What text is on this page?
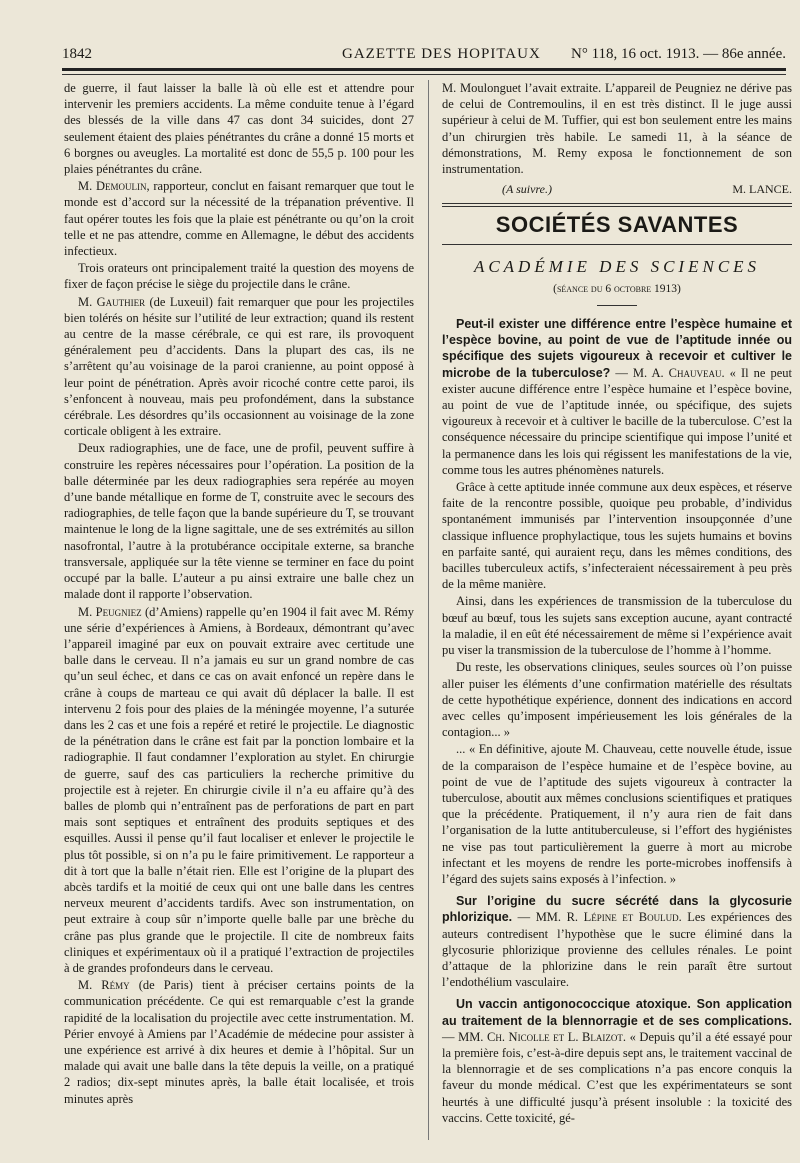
1842	GAZETTE DES HOPITAUX N° 118, 16 oct. 1913. — 86e année.

de guerre, il faut laisser la balle là où elle est et attendre pour intervenir les premiers accidents. La même conduite tenue à l’égard des blessés de la ville dans 47 cas dont 34 suicides, dont 27 seulement étaient des plaies pénétrantes du crâne a donné 15 morts et 6 borgnes ou aveugles. La mortalité est donc de 55,5 p. 100 pour les plaies pénétrantes du crâne.

M. Demoulin, rapporteur, conclut en faisant remarquer que tout le monde est d’accord sur la nécessité de la trépanation préventive. Il faut opérer toutes les fois que la plaie est pénétrante ou qu’on la croit telle et ne pas attendre, comme en Allemagne, le début des accidents infectieux.

Trois orateurs ont principalement traité la question des moyens de fixer de façon précise le siège du projectile dans le crâne.

M. Gauthier (de Luxeuil) fait remarquer que pour les projectiles bien tolérés on hésite sur l’utilité de leur extraction; quand ils restent au centre de la masse cérébrale, ce qui est rare, ils provoquent généralement peu d’accidents. Dans la plupart des cas, ils ne s’arrêtent qu’au voisinage de la paroi cranienne, au point opposé à leur point de pénétration. Après avoir ricoché contre cette paroi, ils s’enfoncent à nouveau, mais peu profondément, dans la substance cérébrale. Les désordres qu’ils occasionnent au voisinage de la zone corticale obligent à les extraire.

Deux radiographies, une de face, une de profil, peuvent suffire à construire les repères nécessaires pour l’opération. La position de la balle déterminée par les deux radiographies sera repérée au moyen d’une bande métallique en forme de T, construite avec le secours des radiographies, de telle façon que la bande supérieure du T, se trouvant maintenue le long de la ligne sagittale, une de ses extrémités au sillon nasofrontal, l’autre à la protubérance occipitale externe, sa branche transversale, appliquée sur la tête vienne se terminer en face du point occupé par la balle. L’auteur a pu ainsi extraire une balle chez un malade dont il rapporte l’observation.

M. Peugniez (d’Amiens) rappelle qu’en 1904 il fait avec M. Rémy une série d’expériences à Amiens, à Bordeaux, démontrant qu’avec l’appareil imaginé par eux on pouvait extraire avec certitude une balle dans le cerveau. Il n’a jamais eu sur un grand nombre de cas qu’un seul échec, et dans ce cas on avait enfoncé un repère dans le crâne à coups de marteau ce qui avait dû déplacer la balle. Il est intervenu 2 fois pour des plaies de la méningée moyenne, l’a suturée dans les 2 cas et une fois a repéré et retiré le projectile. Le diagnostic de la pénétration dans le crâne est fait par la ponction lombaire et la radiographie. Il faut condamner l’exploration au stylet. En chirurgie de guerre, sauf des cas particuliers la recherche primitive du projectile est à rejeter. En chirurgie civile il n’a eu affaire qu’à des balles de plomb qui n’entraînent pas de perforations de part en part mais sont septiques et entraînent des produits septiques et des esquilles. Aussi il pense qu’il faut localiser et enlever le projectile le plus tôt possible, si on n’a pu le faire primitivement. Le rapporteur a dit à tort que la balle n’était rien. Elle est l’origine de la plupart des abcès tardifs et la moitié de ceux qui ont une balle dans les centres nerveux meurent d’accidents tardifs. Avec son instrumentation, on peut extraire à coup sûr n’importe quelle balle par une brèche du crâne pas plus grande que le projectile. Il cite de nombreux faits cliniques et expérimentaux où il a pratiqué l’extraction de projectiles à de grandes profondeurs dans le cerveau.

M. Rémy (de Paris) tient à préciser certains points de la communication précédente. Ce qui est remarquable c’est la grande rapidité de la localisation du projectile avec cette instrumentation. M. Périer envoyé à Amiens par l’Académie de médecine pour assister à une expérience est arrivé à dix heures et demie à l’hôpital. Sur un malade qui avait une balle dans la tête depuis la veille, on a pratiqué 2 radios; dix-sept minutes après, la balle était localisée, et trois minutes après

M. Moulonguet l’avait extraite. L’appareil de Peugniez ne dérive pas de celui de Contremoulins, il en est très distinct. Il le juge aussi supérieur à celui de M. Tuffier, qui est bon seulement entre les mains d’un chirurgien très habile. Le samedi 11, à la séance de démonstrations, M. Remy exposa le fonctionnement de son instrumentation.

(A suivre.)	M. LANCE.
SOCIÉTÉS SAVANTES
ACADÉMIE DES SCIENCES
(séance du 6 octobre 1913)

Peut-il exister une différence entre l’espèce humaine et l’espèce bovine, au point de vue de l’aptitude innée ou spécifique des sujets vigoureux à recevoir et cultiver le microbe de la tuberculose? — M. A. Chauveau. « Il ne peut exister aucune différence entre l’espèce humaine et l’espèce bovine, au point de vue de l’aptitude innée, ou spécifique, des sujets vigoureux à recevoir et à cultiver le bacille de la tuberculose. C’est la conséquence nécessaire du principe scientifique qui impose l’unité et la permanence dans les lois qui régissent les manifestations de la vie, comme tous les autres phénomènes naturels.

Grâce à cette aptitude innée commune aux deux espèces, et réserve faite de la rencontre possible, quoique peu probable, d’individus spontanément immunisés par l’intervention insoupçonnée d’une classique influence prophylactique, tous les sujets humains et bovins en parfaite santé, qui auraient reçu, dans les mêmes conditions, des bacilles tuberculeux actifs, s’infecteraient nécessairement à peu près de la même manière.

Ainsi, dans les expériences de transmission de la tuberculose du bœuf au bœuf, tous les sujets sans exception aucune, ayant contracté la maladie, il en eût été nécessairement de même si l’expérience avait pu viser la transmission de la tuberculose de l’homme à l’homme.

Du reste, les observations cliniques, seules sources où l’on puisse aller puiser les éléments d’une confirmation matérielle des résultats de cette hypothétique expérience, donnent des indications en accord avec celles qu’imposent impérieusement les lois générales de la contagion... »

... « En définitive, ajoute M. Chauveau, cette nouvelle étude, issue de la comparaison de l’espèce humaine et de l’espèce bovine, au point de vue de l’aptitude des sujets vigoureux à contracter la tuberculose, aboutit aux mêmes conclusions scientifiques et pratiques que la précédente. Pratiquement, il n’y aura rien de fait dans l’organisation de la lutte antituberculeuse, si l’effort des hygiénistes ne vise pas tout particulièrement la guerre à mort au microbe infectant et les moyens de rendre les porte-microbes inoffensifs à l’égard des sujets sains exposés à l’infection. »

Sur l’origine du sucre sécrété dans la glycosurie phlorizique. — MM. R. Lépine et Boulud. Les expériences des auteurs contredisent l’hypothèse que le sucre éliminé dans la glycosurie phlorizique provienne des cellules rénales. Le point d’attaque de la phlorizine dans le rein paraît être surtout l’endothélium vasculaire.

Un vaccin antigonococcique atoxique. Son application au traitement de la blennorragie et de ses complications. — MM. Ch. Nicolle et L. Blaizot. « Depuis qu’il a été essayé pour la première fois, c’est-à-dire depuis sept ans, le traitement vaccinal de la blennorragie et de ses complications n’a pas encore conquis la faveur du monde médical. C’est que les expérimentateurs se sont heurtés à une difficulté jusqu’à présent insoluble : la toxicité des vaccins. Cette toxicité, gé-
